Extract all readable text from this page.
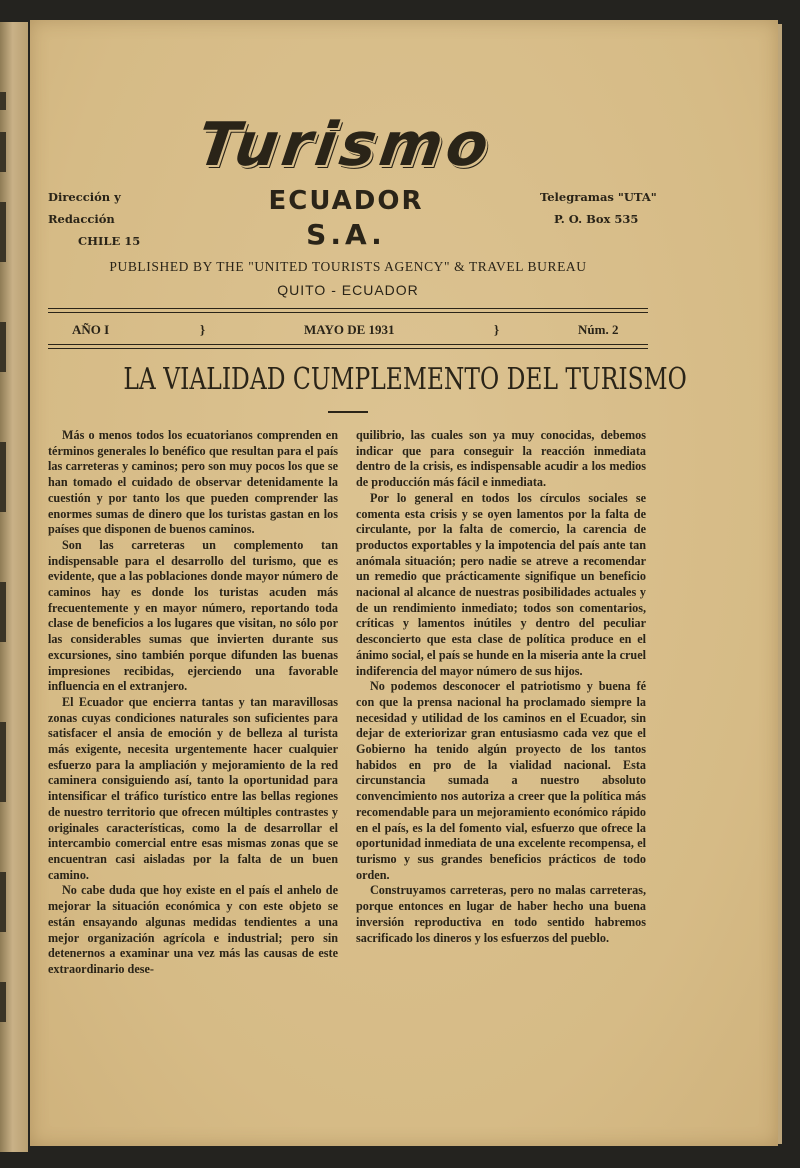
Turismo
ECUADOR
S.A.
Dirección y Redacción
CHILE 15
Telegramas "UTA"
P. O. Box 535
PUBLISHED BY THE "UNITED TOURISTS AGENCY" & TRAVEL BUREAU
QUITO - ECUADOR
AÑO I	}	MAYO DE 1931	}	Núm. 2
LA VIALIDAD CUMPLEMENTO DEL TURISMO

Más o menos todos los ecuatorianos comprenden en términos generales lo benéfico que resultan para el país las carreteras y caminos; pero son muy pocos los que se han tomado el cuidado de observar detenidamente la cuestión y por tanto los que pueden comprender las enormes sumas de dinero que los turistas gastan en los países que disponen de buenos caminos.

Son las carreteras un complemento tan indispensable para el desarrollo del turismo, que es evidente, que a las poblaciones donde mayor número de caminos hay es donde los turistas acuden más frecuentemente y en mayor número, reportando toda clase de beneficios a los lugares que visitan, no sólo por las considerables sumas que invierten durante sus excursiones, sino también porque difunden las buenas impresiones recibidas, ejerciendo una favorable influencia en el extranjero.

El Ecuador que encierra tantas y tan maravillosas zonas cuyas condiciones naturales son suficientes para satisfacer el ansia de emoción y de belleza al turista más exigente, necesita urgentemente hacer cualquier esfuerzo para la ampliación y mejoramiento de la red caminera consiguiendo así, tanto la oportunidad para intensificar el tráfico turístico entre las bellas regiones de nuestro territorio que ofrecen múltiples contrastes y originales características, como la de desarrollar el intercambio comercial entre esas mismas zonas que se encuentran casi aisladas por la falta de un buen camino.

No cabe duda que hoy existe en el país el anhelo de mejorar la situación económica y con este objeto se están ensayando algunas medidas tendientes a una mejor organización agrícola e industrial; pero sin detenernos a examinar una vez más las causas de este extraordinario dese-

quilibrio, las cuales son ya muy conocidas, debemos indicar que para conseguir la reacción inmediata dentro de la crisis, es indispensable acudir a los medios de producción más fácil e inmediata.

Por lo general en todos los círculos sociales se comenta esta crisis y se oyen lamentos por la falta de circulante, por la falta de comercio, la carencia de productos exportables y la impotencia del país ante tan anómala situación; pero nadie se atreve a recomendar un remedio que prácticamente signifique un beneficio nacional al alcance de nuestras posibilidades actuales y de un rendimiento inmediato; todos son comentarios, críticas y lamentos inútiles y dentro del peculiar desconcierto que esta clase de política produce en el ánimo social, el país se hunde en la miseria ante la cruel indiferencia del mayor número de sus hijos.

No podemos desconocer el patriotismo y buena fé con que la prensa nacional ha proclamado siempre la necesidad y utilidad de los caminos en el Ecuador, sin dejar de exteriorizar gran entusiasmo cada vez que el Gobierno ha tenido algún proyecto de los tantos habidos en pro de la vialidad nacional. Esta circunstancia sumada a nuestro absoluto convencimiento nos autoriza a creer que la política más recomendable para un mejoramiento económico rápido en el país, es la del fomento vial, esfuerzo que ofrece la oportunidad inmediata de una excelente recompensa, el turismo y sus grandes beneficios prácticos de todo orden.

Construyamos carreteras, pero no malas carreteras, porque entonces en lugar de haber hecho una buena inversión reproductiva en todo sentido habremos sacrificado los dineros y los esfuerzos del pueblo.
